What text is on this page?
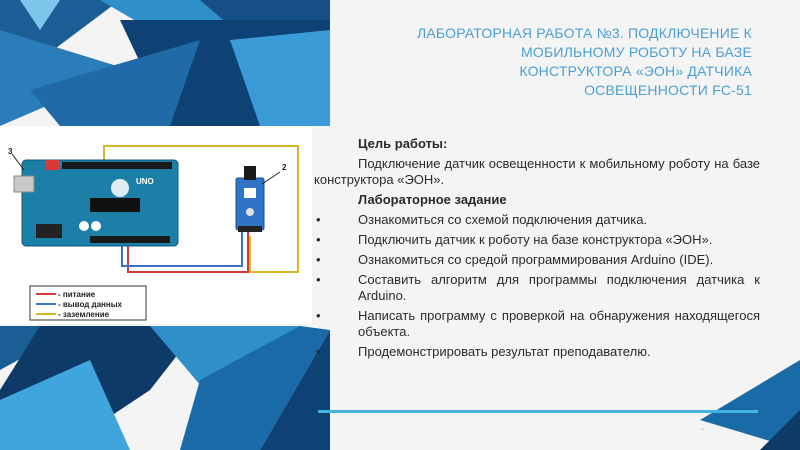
ЛАБОРАТОРНАЯ РАБОТА №3. ПОДКЛЮЧЕНИЕ К
МОБИЛЬНОМУ РОБОТУ НА БАЗЕ
КОНСТРУКТОРА «ЭОН» ДАТЧИКА
ОСВЕЩЕННОСТИ FC-51
UNO
3
2
- питание
- вывод данных
- заземление

Цель работы:

Подключение датчик освещенности к мобильному роботу на базе конструктора «ЭОН».

Лабораторное задание

•	Ознакомиться со схемой подключения датчика.
•	Подключить датчик к роботу на базе конструктора «ЭОН».
•	Ознакомиться со средой программирования Arduino (IDE).
•	Составить алгоритм для программы подключения датчика к Arduino.
•	Написать программу с проверкой на обнаружения находящегося объекта.
•	Продемонстрировать результат преподавателю.
-
